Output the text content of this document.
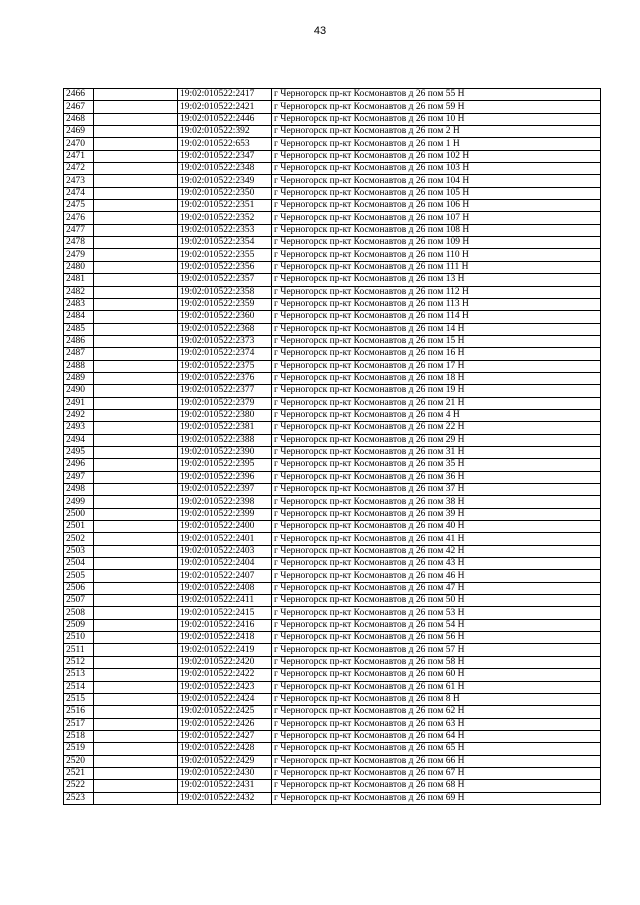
43
2466		19:02:010522:2417	г Черногорск пр-кт Космонавтов д 26 пом 55 Н
2467		19:02:010522:2421	г Черногорск пр-кт Космонавтов д 26 пом 59 Н
2468		19:02:010522:2446	г Черногорск пр-кт Космонавтов д 26 пом 10 Н
2469		19:02:010522:392	г Черногорск пр-кт Космонавтов д 26 пом 2 Н
2470		19:02:010522:653	г Черногорск пр-кт Космонавтов д 26 пом 1 Н
2471		19:02:010522:2347	г Черногорск пр-кт Космонавтов д 26 пом 102 Н
2472		19:02:010522:2348	г Черногорск пр-кт Космонавтов д 26 пом 103 Н
2473		19:02:010522:2349	г Черногорск пр-кт Космонавтов д 26 пом 104 Н
2474		19:02:010522:2350	г Черногорск пр-кт Космонавтов д 26 пом 105 Н
2475		19:02:010522:2351	г Черногорск пр-кт Космонавтов д 26 пом 106 Н
2476		19:02:010522:2352	г Черногорск пр-кт Космонавтов д 26 пом 107 Н
2477		19:02:010522:2353	г Черногорск пр-кт Космонавтов д 26 пом 108 Н
2478		19:02:010522:2354	г Черногорск пр-кт Космонавтов д 26 пом 109 Н
2479		19:02:010522:2355	г Черногорск пр-кт Космонавтов д 26 пом 110 Н
2480		19:02:010522:2356	г Черногорск пр-кт Космонавтов д 26 пом 111 Н
2481		19:02:010522:2357	г Черногорск пр-кт Космонавтов д 26 пом 13 Н
2482		19:02:010522:2358	г Черногорск пр-кт Космонавтов д 26 пом 112 Н
2483		19:02:010522:2359	г Черногорск пр-кт Космонавтов д 26 пом 113 Н
2484		19:02:010522:2360	г Черногорск пр-кт Космонавтов д 26 пом 114 Н
2485		19:02:010522:2368	г Черногорск пр-кт Космонавтов д 26 пом 14 Н
2486		19:02:010522:2373	г Черногорск пр-кт Космонавтов д 26 пом 15 Н
2487		19:02:010522:2374	г Черногорск пр-кт Космонавтов д 26 пом 16 Н
2488		19:02:010522:2375	г Черногорск пр-кт Космонавтов д 26 пом 17 Н
2489		19:02:010522:2376	г Черногорск пр-кт Космонавтов д 26 пом 18 Н
2490		19:02:010522:2377	г Черногорск пр-кт Космонавтов д 26 пом 19 Н
2491		19:02:010522:2379	г Черногорск пр-кт Космонавтов д 26 пом 21 Н
2492		19:02:010522:2380	г Черногорск пр-кт Космонавтов д 26 пом 4 Н
2493		19:02:010522:2381	г Черногорск пр-кт Космонавтов д 26 пом 22 Н
2494		19:02:010522:2388	г Черногорск пр-кт Космонавтов д 26 пом 29 Н
2495		19:02:010522:2390	г Черногорск пр-кт Космонавтов д 26 пом 31 Н
2496		19:02:010522:2395	г Черногорск пр-кт Космонавтов д 26 пом 35 Н
2497		19:02:010522:2396	г Черногорск пр-кт Космонавтов д 26 пом 36 Н
2498		19:02:010522:2397	г Черногорск пр-кт Космонавтов д 26 пом 37 Н
2499		19:02:010522:2398	г Черногорск пр-кт Космонавтов д 26 пом 38 Н
2500		19:02:010522:2399	г Черногорск пр-кт Космонавтов д 26 пом 39 Н
2501		19:02:010522:2400	г Черногорск пр-кт Космонавтов д 26 пом 40 Н
2502		19:02:010522:2401	г Черногорск пр-кт Космонавтов д 26 пом 41 Н
2503		19:02:010522:2403	г Черногорск пр-кт Космонавтов д 26 пом 42 Н
2504		19:02:010522:2404	г Черногорск пр-кт Космонавтов д 26 пом 43 Н
2505		19:02:010522:2407	г Черногорск пр-кт Космонавтов д 26 пом 46 Н
2506		19:02:010522:2408	г Черногорск пр-кт Космонавтов д 26 пом 47 Н
2507		19:02:010522:2411	г Черногорск пр-кт Космонавтов д 26 пом 50 Н
2508		19:02:010522:2415	г Черногорск пр-кт Космонавтов д 26 пом 53 Н
2509		19:02:010522:2416	г Черногорск пр-кт Космонавтов д 26 пом 54 Н
2510		19:02:010522:2418	г Черногорск пр-кт Космонавтов д 26 пом 56 Н
2511		19:02:010522:2419	г Черногорск пр-кт Космонавтов д 26 пом 57 Н
2512		19:02:010522:2420	г Черногорск пр-кт Космонавтов д 26 пом 58 Н
2513		19:02:010522:2422	г Черногорск пр-кт Космонавтов д 26 пом 60 Н
2514		19:02:010522:2423	г Черногорск пр-кт Космонавтов д 26 пом 61 Н
2515		19:02:010522:2424	г Черногорск пр-кт Космонавтов д 26 пом 8 Н
2516		19:02:010522:2425	г Черногорск пр-кт Космонавтов д 26 пом 62 Н
2517		19:02:010522:2426	г Черногорск пр-кт Космонавтов д 26 пом 63 Н
2518		19:02:010522:2427	г Черногорск пр-кт Космонавтов д 26 пом 64 Н
2519		19:02:010522:2428	г Черногорск пр-кт Космонавтов д 26 пом 65 Н
2520		19:02:010522:2429	г Черногорск пр-кт Космонавтов д 26 пом 66 Н
2521		19:02:010522:2430	г Черногорск пр-кт Космонавтов д 26 пом 67 Н
2522		19:02:010522:2431	г Черногорск пр-кт Космонавтов д 26 пом 68 Н
2523		19:02:010522:2432	г Черногорск пр-кт Космонавтов д 26 пом 69 Н
